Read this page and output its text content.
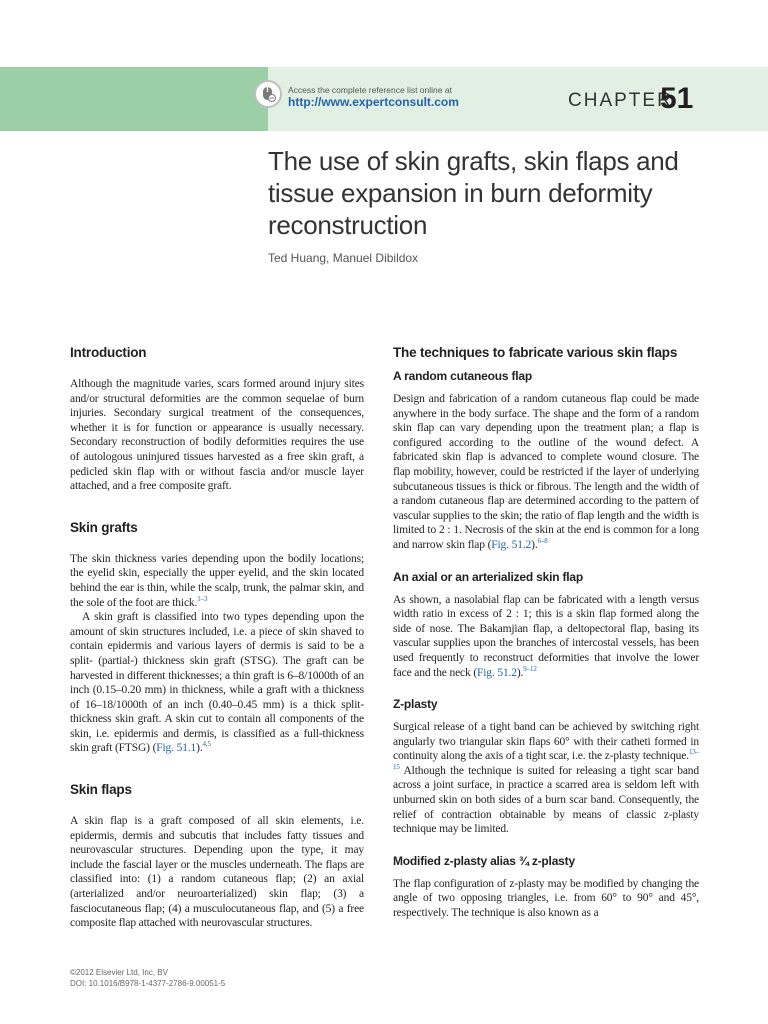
Access the complete reference list online at
http://www.expertconsult.com	CHAPTER
51
The use of skin grafts, skin flaps and tissue expansion in burn deformity reconstruction
Ted Huang, Manuel Dibildox
Introduction

Although the magnitude varies, scars formed around injury sites and/or structural deformities are the common sequelae of burn injuries. Secondary surgical treatment of the consequences, whether it is for function or appearance is usually necessary. Secondary reconstruction of bodily deformities requires the use of autologous uninjured tissues harvested as a free skin graft, a pedicled skin flap with or without fascia and/or muscle layer attached, and a free composite graft.

Skin grafts

The skin thickness varies depending upon the bodily locations; the eyelid skin, especially the upper eyelid, and the skin located behind the ear is thin, while the scalp, trunk, the palmar skin, and the sole of the foot are thick.$^{1-3}$

A skin graft is classified into two types depending upon the amount of skin structures included, i.e. a piece of skin shaved to contain epidermis and various layers of dermis is said to be a split- (partial-) thickness skin graft (STSG). The graft can be harvested in different thicknesses; a thin graft is 6–8/1000th of an inch (0.15–0.20 mm) in thickness, while a graft with a thickness of 16–18/1000th of an inch (0.40–0.45 mm) is a thick split-thickness skin graft. A skin cut to contain all components of the skin, i.e. epidermis and dermis, is classified as a full-thickness skin graft (FTSG) (Fig. 51.1).$^{4,5}$

Skin flaps

A skin flap is a graft composed of all skin elements, i.e. epidermis, dermis and subcutis that includes fatty tissues and neurovascular structures. Depending upon the type, it may include the fascial layer or the muscles underneath. The flaps are classified into: (1) a random cutaneous flap; (2) an axial (arterialized and/or neuroarterialized) skin flap; (3) a fasciocutaneous flap; (4) a musculocutaneous flap, and (5) a free composite flap attached with neurovascular structures.

The techniques to fabricate various skin flaps
A random cutaneous flap

Design and fabrication of a random cutaneous flap could be made anywhere in the body surface. The shape and the form of a random skin flap can vary depending upon the treatment plan; a flap is configured according to the outline of the wound defect. A fabricated skin flap is advanced to complete wound closure. The flap mobility, however, could be restricted if the layer of underlying subcutaneous tissues is thick or fibrous. The length and the width of a random cutaneous flap are determined according to the pattern of vascular supplies to the skin; the ratio of flap length and the width is limited to 2 : 1. Necrosis of the skin at the end is common for a long and narrow skin flap (Fig. 51.2).$^{6-8}$

An axial or an arterialized skin flap

As shown, a nasolabial flap can be fabricated with a length versus width ratio in excess of 2 : 1; this is a skin flap formed along the side of nose. The Bakamjian flap, a deltopectoral flap, basing its vascular supplies upon the branches of intercostal vessels, has been used frequently to reconstruct deformities that involve the lower face and the neck (Fig. 51.2).$^{9-12}$

Z-plasty

Surgical release of a tight band can be achieved by switching right angularly two triangular skin flaps 60° with their catheti formed in continuity along the axis of a tight scar, i.e. the z-plasty technique.$^{13-15}$ Although the technique is suited for releasing a tight scar band across a joint surface, in practice a scarred area is seldom left with unburned skin on both sides of a burn scar band. Consequently, the relief of contraction obtainable by means of classic z-plasty technique may be limited.

Modified z-plasty alias ¾ z-plasty

The flap configuration of z-plasty may be modified by changing the angle of two opposing triangles, i.e. from 60° to 90° and 45°, respectively. The technique is also known as a

©2012 Elsevier Ltd, Inc, BV
DOI: 10.1016/B978-1-4377-2786-9.00051-5
